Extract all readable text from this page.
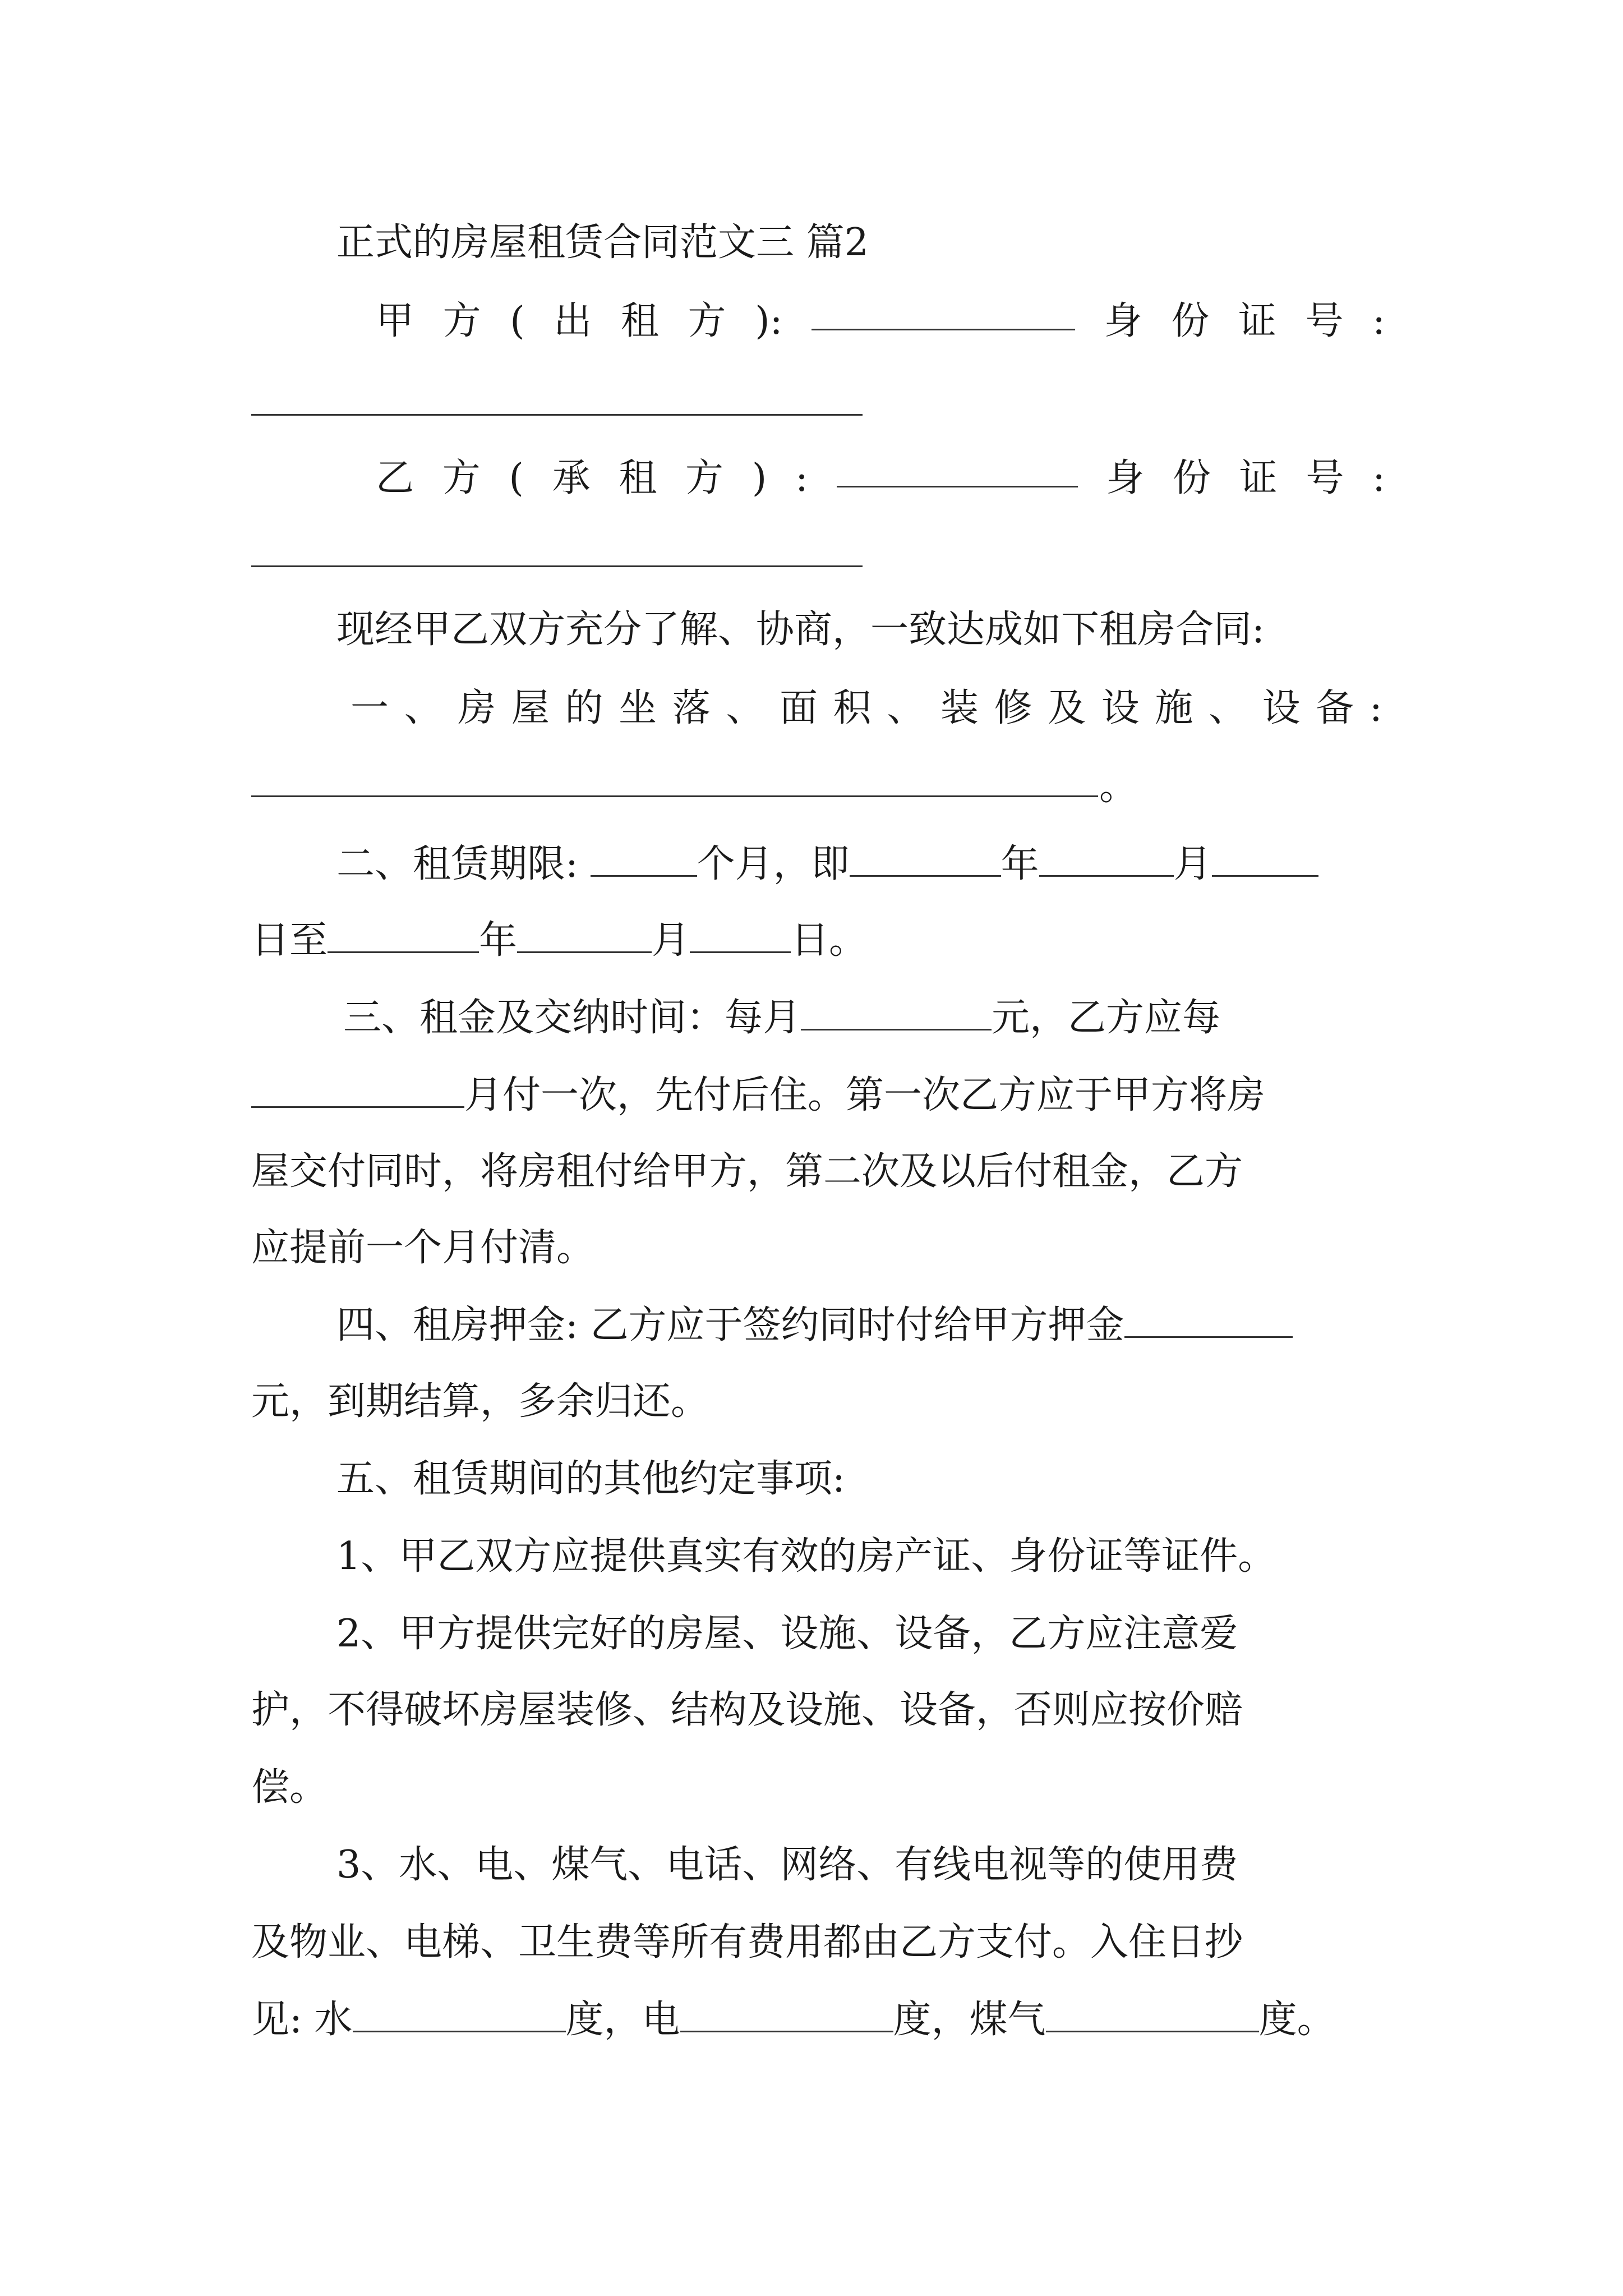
正式的房屋租赁合同范文三 篇2
甲 方 ( 出 租 方 ):	身 份 证 号 :
乙 方 ( 承 租 方 ) :	身 份 证 号 :
现经甲乙双方充分了解、协商，一致达成如下租房合同:
一 、 房 屋 的 坐 落 、 面 积 、 装 修 及 设 施 、 设 备 :
。
二、租赁期限:	个月，即	年	月
日至	年	月	日。
三、租金及交纳时间：每月	元，乙方应每
月付一次，先付后住。第一次乙方应于甲方将房
屋交付同时，将房租付给甲方，第二次及以后付租金，乙方
应提前一个月付清。
四、租房押金: 乙方应于签约同时付给甲方押金
元，到期结算，多余归还。
五、租赁期间的其他约定事项:
1、甲乙双方应提供真实有效的房产证、身份证等证件。
2、甲方提供完好的房屋、设施、设备，乙方应注意爱
护，不得破坏房屋装修、结构及设施、设备，否则应按价赔
偿。
3、水、电、煤气、电话、网络、有线电视等的使用费
及物业、电梯、卫生费等所有费用都由乙方支付。入住日抄
见: 水	度，电	度，煤气	度。
